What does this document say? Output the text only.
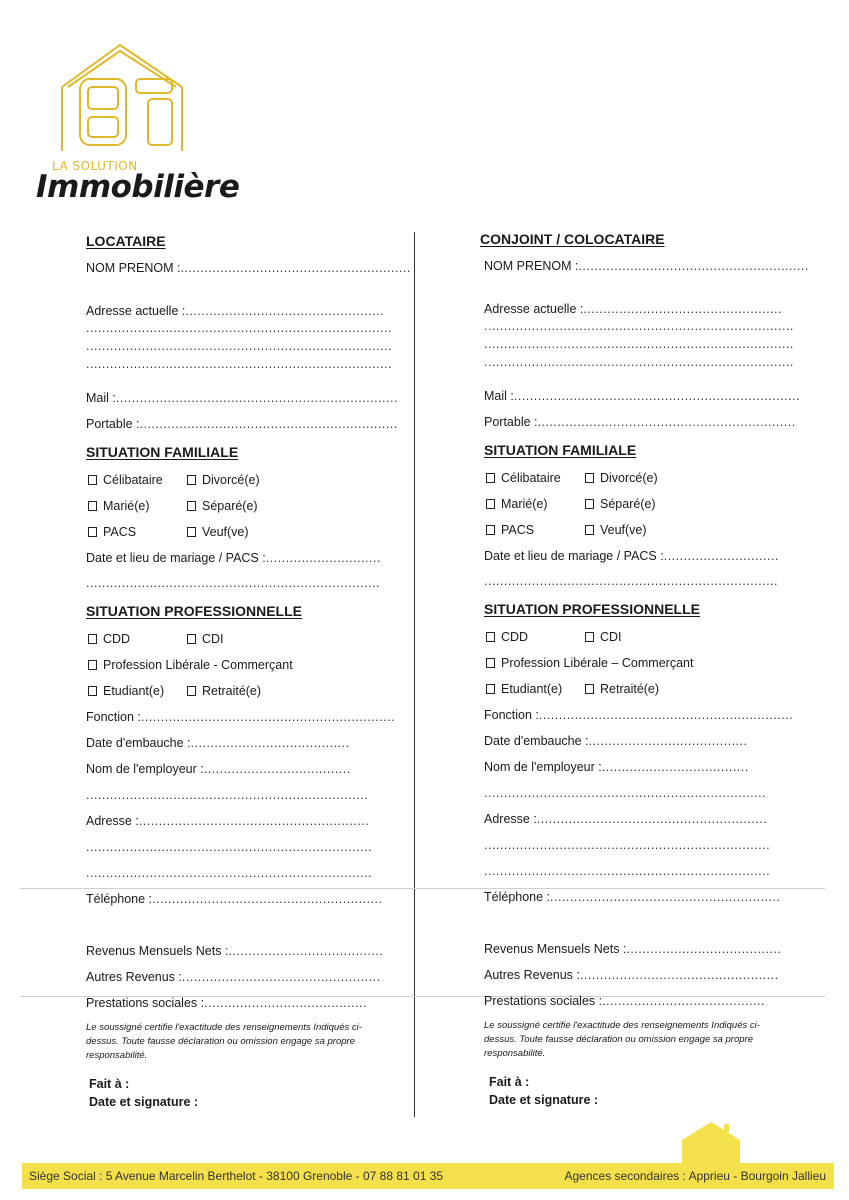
LA SOLUTION
Immobilière
LOCATAIRE
NOM PRENOM :..........................................................
Adresse actuelle :..................................................
.............................................................................
.............................................................................
.............................................................................
Mail :.......................................................................
Portable :.................................................................
SITUATION FAMILIALE
Célibataire	Divorcé(e)
Marié(e)	Séparé(e)
PACS	Veuf(ve)
Date et lieu de mariage / PACS :.............................
..........................................................................
SITUATION PROFESSIONNELLE
CDD	CDI
Profession Libérale - Commerçant
Etudiant(e)	Retraité(e)
Fonction :................................................................
Date d'embauche :........................................
Nom de l'employeur :.....................................
.......................................................................
Adresse :..........................................................
........................................................................
........................................................................
Téléphone :..........................................................
Revenus Mensuels Nets :.......................................
Autres Revenus :..................................................
Prestations sociales :.........................................
Le soussigné certifie l'exactitude des renseignements Indiqués ci-dessus. Toute fausse déclaration ou omission engage sa propre responsabilité.
Fait à :
Date et signature :
CONJOINT / COLOCATAIRE
NOM PRENOM :..........................................................
Adresse actuelle :..................................................
..............................................................................
..............................................................................
..............................................................................
Mail :........................................................................
Portable :.................................................................
SITUATION FAMILIALE
Célibataire	Divorcé(e)
Marié(e)	Séparé(e)
PACS	Veuf(ve)
Date et lieu de mariage / PACS :.............................
..........................................................................
SITUATION PROFESSIONNELLE
CDD	CDI
Profession Libérale – Commerçant
Etudiant(e)	Retraité(e)
Fonction :................................................................
Date d'embauche :........................................
Nom de l'employeur :.....................................
.......................................................................
Adresse :..........................................................
........................................................................
........................................................................
Téléphone :..........................................................
Revenus Mensuels Nets :.......................................
Autres Revenus :..................................................
Prestations sociales :.........................................
Le soussigné certifie l'exactitude des renseignements Indiqués ci-dessus. Toute fausse déclaration ou omission engage sa propre responsabilité.
Fait à :
Date et signature :
Siège Social : 5 Avenue Marcelin Berthelot - 38100 Grenoble - 07 88 81 01 35	Agences secondaires : Apprieu - Bourgoin Jallieu
